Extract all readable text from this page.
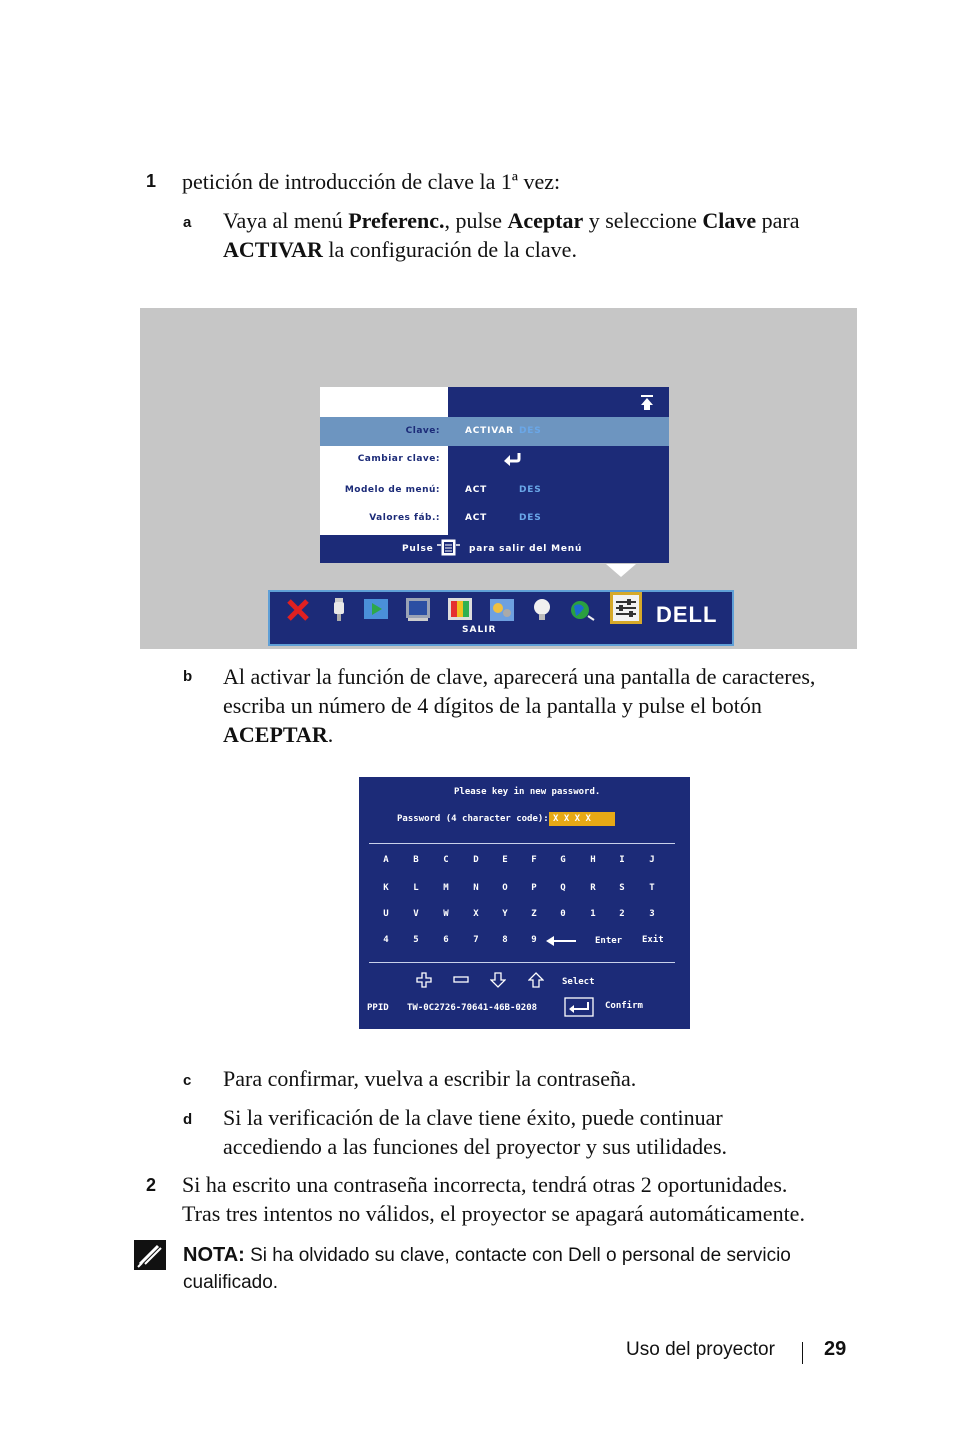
1 petición de introducción de clave la 1ª vez:
a Vaya al menú Preferenc., pulse Aceptar y seleccione Clave para
ACTIVAR la configuración de la clave.
Clave:	ACTIVAR DES
Cambiar clave:
Modelo de menú:	ACT	DES
Valores fáb.:	ACT	DES
Pulse	para salir del Menú
DELL
SALIR
b Al activar la función de clave, aparecerá una pantalla de caracteres,
escriba un número de 4 dígitos de la pantalla y pulse el botón
ACEPTAR.
Please key in new password.
Password (4 character code): X X X X
A	B	C	D	E	F	G	H	I	J
K	L	M	N	O	P	Q	R	S	T
U	V	W	X	Y	Z	0	1	2	3
4	5	6	7	8	9	Enter Exit
Select
PPID TW-0C2726-70641-46B-0208	Confirm
c Para confirmar, vuelva a escribir la contraseña.
d Si la verificación de la clave tiene éxito, puede continuar
accediendo a las funciones del proyector y sus utilidades.
2 Si ha escrito una contraseña incorrecta, tendrá otras 2 oportunidades.
Tras tres intentos no válidos, el proyector se apagará automáticamente.
NOTA: Si ha olvidado su clave, contacte con Dell o personal de servicio
cualificado.
Uso del proyector 29
